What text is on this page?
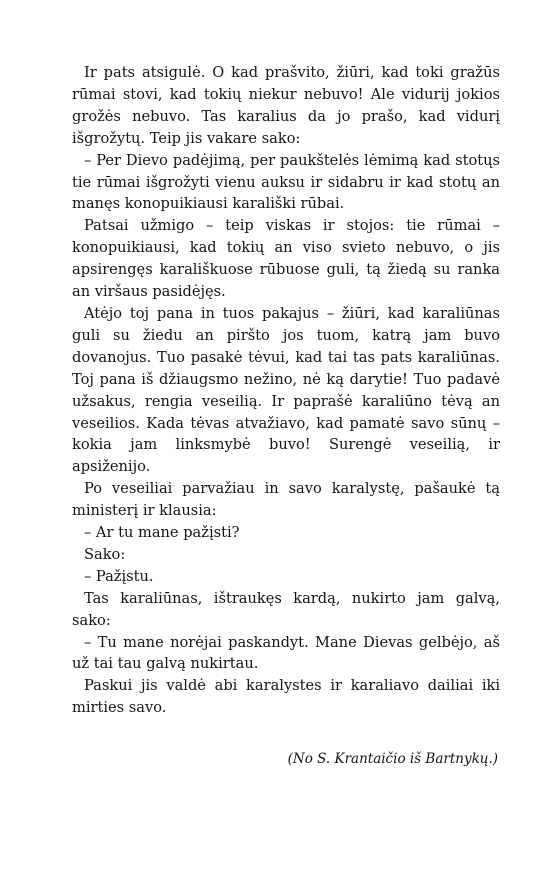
Ir pats atsigulė. O kad prašvito, žiūri, kad toki gražūs rūmai stovi, kad tokių niekur nebuvo! Ale vidurij jokios grožės nebuvo. Tas karalius da jo prašo, kad vidurį išgrožytų. Teip jis vakare sako:

– Per Dievo padėjimą, per paukštelės lėmimą kad stotųs tie rūmai išgrožyti vienu auksu ir sidabru ir kad stotų an manęs konopuikiausi karališki rūbai.

Patsai užmigo – teip viskas ir stojos: tie rūmai – konopuikiausi, kad tokių an viso svieto nebuvo, o jis apsirengęs karališkuose rūbuose guli, tą žiedą su ranka an viršaus pasidėjęs.

Atėjo toj pana in tuos pakajus – žiūri, kad karaliūnas guli su žiedu an piršto jos tuom, katrą jam buvo dovanojus. Tuo pasakė tėvui, kad tai tas pats karaliūnas. Toj pana iš džiaugsmo nežino, nė ką darytie! Tuo padavė užsakus, rengia veseilią. Ir paprašė karaliūno tėvą an veseilios. Kada tėvas atvažiavo, kad pamatė savo sūnų – kokia jam linksmybė buvo! Surengė veseilią, ir apsiženijo.

Po veseiliai parvažiau in savo karalystę, pašaukė tą ministerį ir klausia:

– Ar tu mane pažįsti?

Sako:

– Pažįstu.

Tas karaliūnas, ištraukęs kardą, nukirto jam galvą, sako:

– Tu mane norėjai paskandyt. Mane Dievas gelbėjo, aš už tai tau galvą nukirtau.

Paskui jis valdė abi karalystes ir karaliavo dailiai iki mirties savo.

(No S. Krantaičio iš Bartnykų.)
